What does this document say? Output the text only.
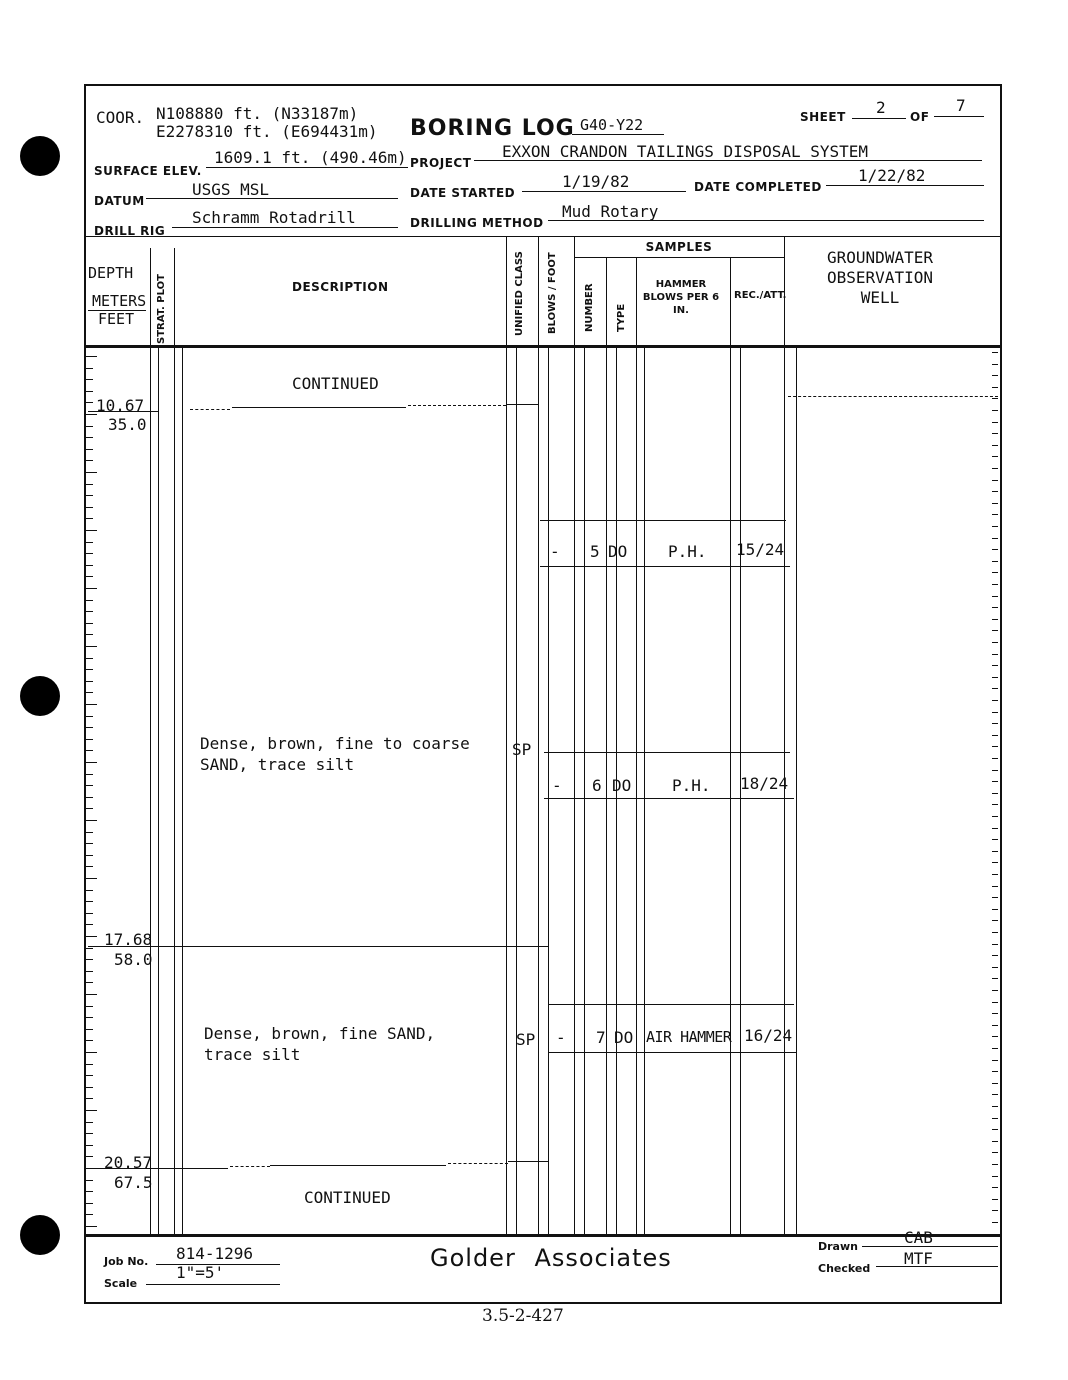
COOR. N108880 ft. (N33187m)
E2278310 ft. (E694431m) BORING LOG G40-Y22	SHEET 2 OF
7
SURFACE ELEV.
1609.1 ft. (490.46m) PROJECT
EXXON CRANDON TAILINGS DISPOSAL SYSTEM
DATUM
USGS MSL	DATE STARTED
1/19/82	DATE COMPLETED
1/22/82
DRILL RIG
Schramm Rotadrill	DRILLING METHOD
Mud Rotary
DEPTH
METERS
FEET STRAT. PLOT	DESCRIPTION	UNIFIED CLASS BLOWS / FOOT
SAMPLES
NUMBER TYPE
HAMMER BLOWS PER 6 IN.
REC./ATT.
GROUNDWATER OBSERVATION WELL
CONTINUED
10.67
35.0
Dense, brown, fine to coarse
SAND, trace silt
SP
17.68
58.0
Dense, brown, fine SAND,
trace silt
SP
20.57
67.5
CONTINUED
- 5 DO	P.H. 15/24
- 6 DO	P.H. 18/24
- 7 DO AIR HAMMER 16/24
Job No. 814-1296
Scale
1"=5'
Golder Associates	Drawn	CAB
Checked
MTF
3.5-2-427
